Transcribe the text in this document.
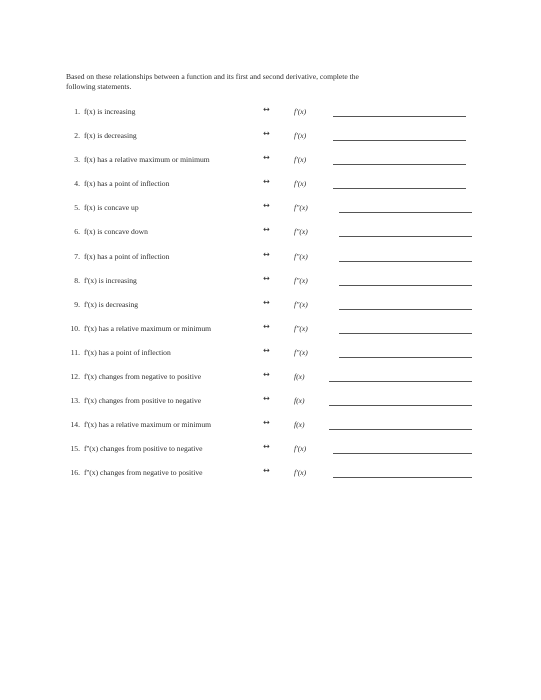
Based on these relationships between a function and its first and second derivative, complete the
following statements.
1. f(x) is increasing	↔	f'(x)
2. f(x) is decreasing	↔	f'(x)
3. f(x) has a relative maximum or minimum	↔	f'(x)
4. f(x) has a point of inflection	↔	f'(x)
5. f(x) is concave up	↔	f''(x)
6. f(x) is concave down	↔	f''(x)
7. f(x) has a point of inflection	↔	f''(x)
8. f'(x) is increasing	↔	f''(x)
9. f'(x) is decreasing	↔	f''(x)
10. f'(x) has a relative maximum or minimum	↔	f''(x)
11. f'(x) has a point of inflection	↔	f''(x)
12. f'(x) changes from negative to positive	↔	f(x)
13. f'(x) changes from positive to negative	↔	f(x)
14. f'(x) has a relative maximum or minimum	↔	f(x)
15. f''(x) changes from positive to negative	↔	f'(x)
16. f''(x) changes from negative to positive	↔	f'(x)
